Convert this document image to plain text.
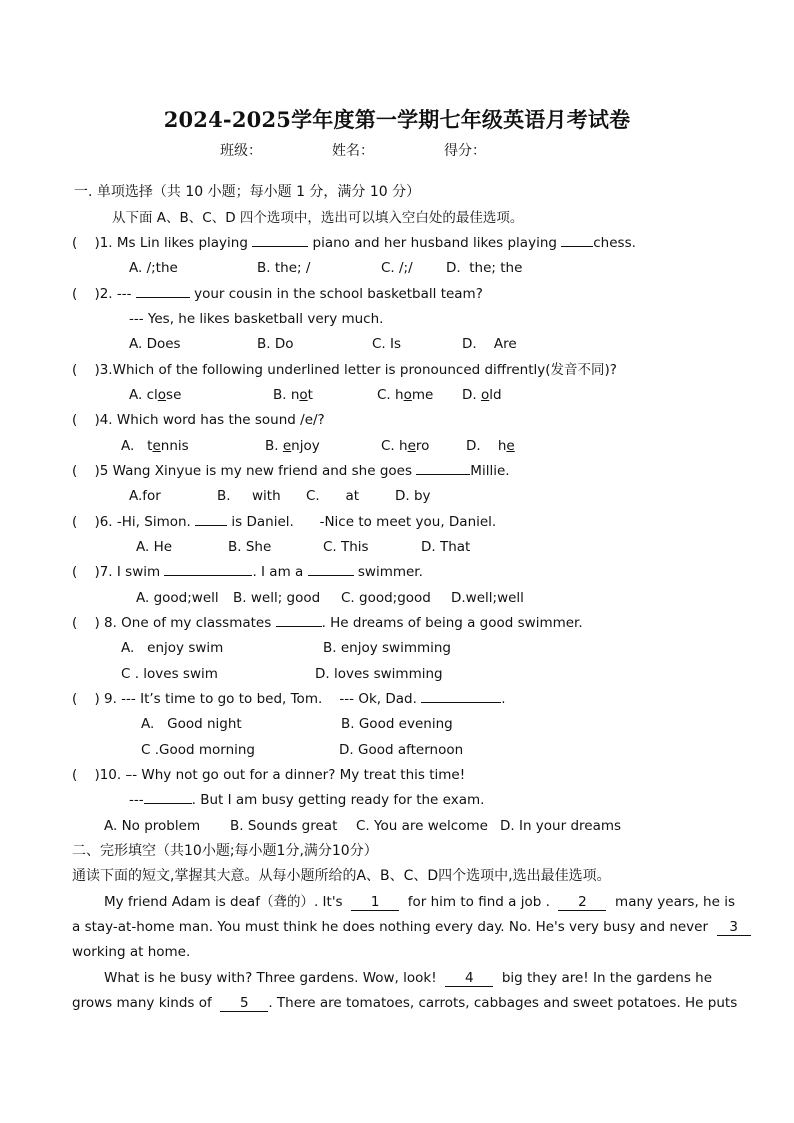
2024-2025学年度第一学期七年级英语月考试卷
班级：	姓名：	得分：
一. 单项选择（共 10 小题；每小题 1 分，满分 10 分）
从下面 A、B、C、D 四个选项中，选出可以填入空白处的最佳选项。
( )1. Ms Lin likes playing	piano and her husband likes playing	chess.
A. /;the	B. the; /	C. /;/ D.  the; the
( )2. ---	your cousin in the school basketball team?
--- Yes, he likes basketball very much.
A. Does	B. Do	C. Is	D.    Are
( )3.Which of the following underlined letter is pronounced diffrently(发音不同)?
A. close	B. not	C. home D. old
( )4. Which word has the sound /e/?
A.   tennis	B. enjoy	C. hero	D.    he
( )5 Wang Xinyue is my new friend and she goes	Millie.
A.for	B.     with C.      at	D. by
( )6. -Hi, Simon.	is Daniel. -Nice to meet you, Daniel.
A. He	B. She	C. This	D. That
( )7. I swim	. I am a	swimmer.
A. good;well B. well; good C. good;good D.well;well
( ) 8. One of my classmates	. He dreams of being a good swimmer.
A.   enjoy swim	B. enjoy swimming
C . loves swim	D. loves swimming
( ) 9. --- It’s time to go to bed, Tom.    --- Ok, Dad.	.
A.   Good night	B. Good evening
C .Good morning	D. Good afternoon
( )10. –- Why not go out for a dinner? My treat this time!
---	. But I am busy getting ready for the exam.
A. No problem B. Sounds great C. You are welcome D. In your dreams
二、完形填空（共10小题;每小题1分,满分10分）
通读下面的短文,掌握其大意。从每小题所给的A、B、C、D四个选项中,选出最佳选项。
My friend Adam is deaf（聋的）. It's 1 for him to find a job . 2 many years, he is
a stay-at-home man. You must think he does nothing every day. No. He's very busy and never 3
working at home.
What is he busy with? Three gardens. Wow, look! 4 big they are! In the gardens he
grows many kinds of 5 . There are tomatoes, carrots, cabbages and sweet potatoes. He puts
